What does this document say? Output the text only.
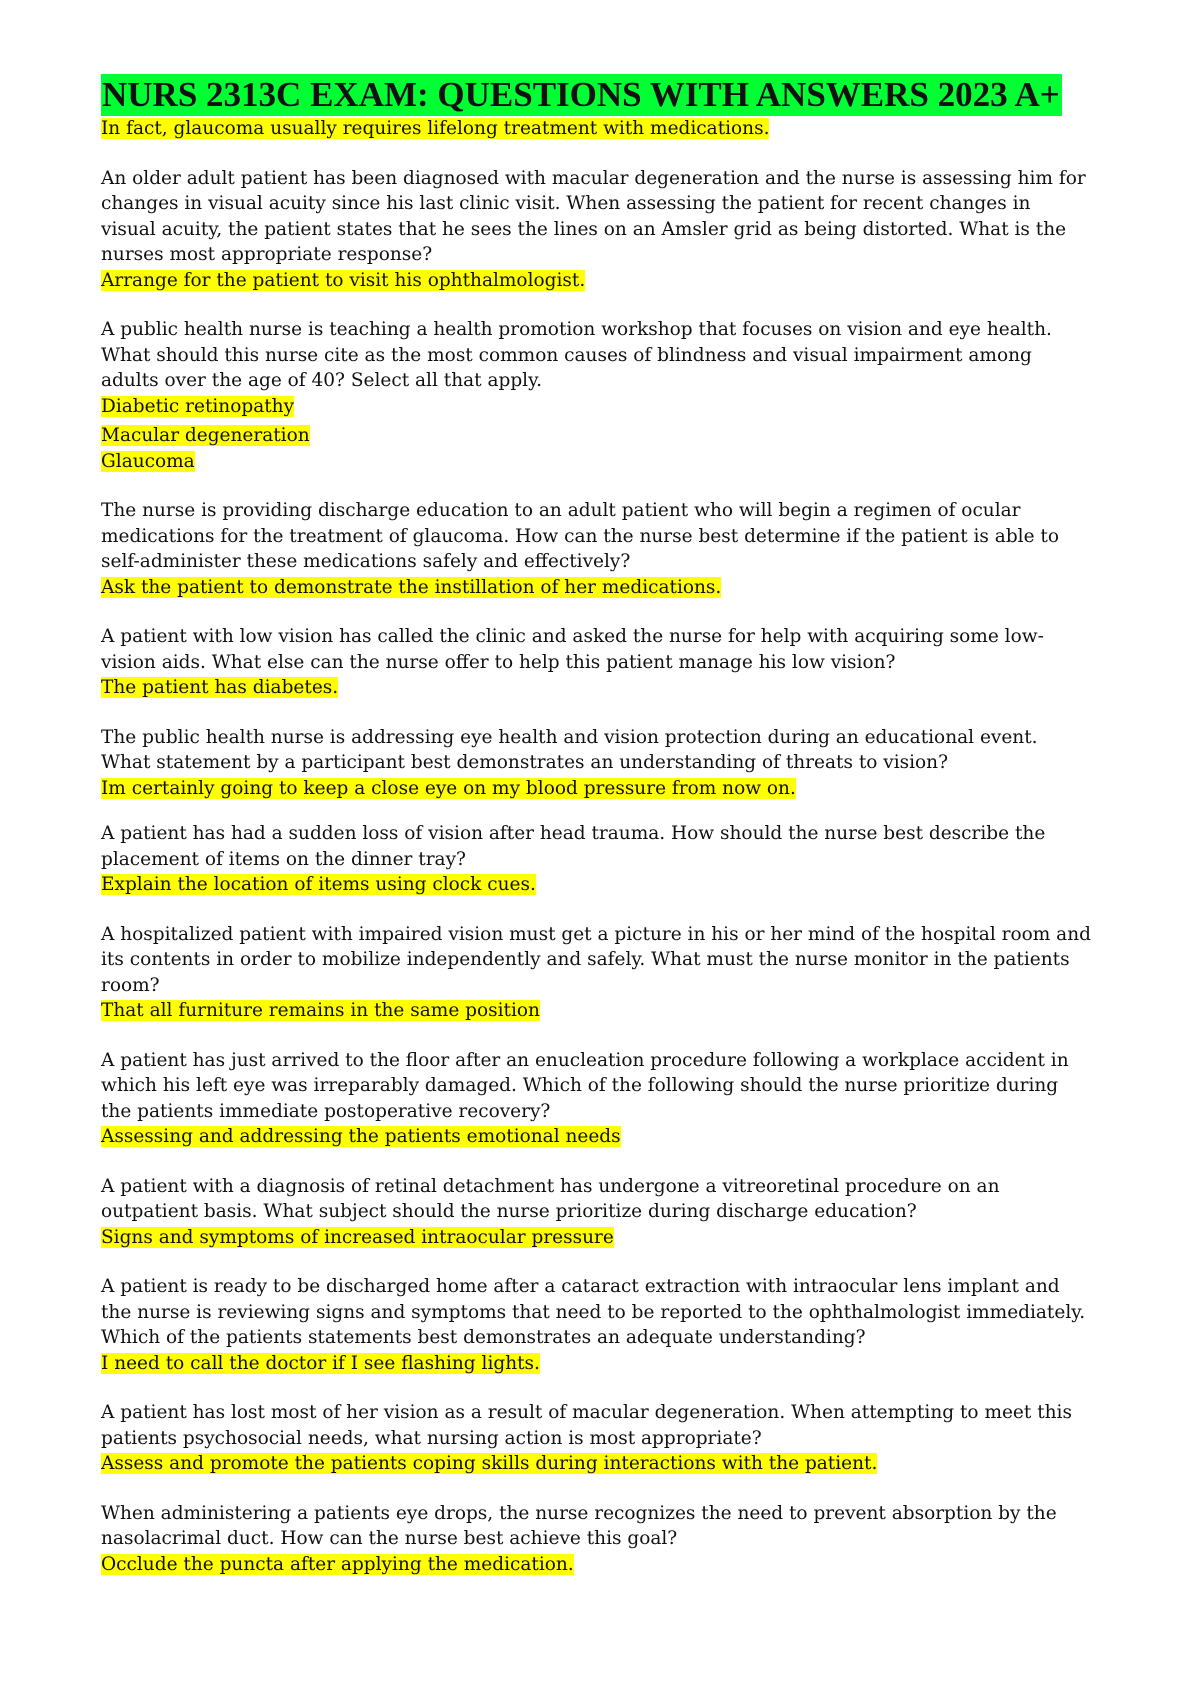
NURS 2313C EXAM: QUESTIONS WITH ANSWERS 2023 A+

In fact, glaucoma usually requires lifelong treatment with medications.

An older adult patient has been diagnosed with macular degeneration and the nurse is assessing him for changes in visual acuity since his last clinic visit. When assessing the patient for recent changes in visual acuity, the patient states that he sees the lines on an Amsler grid as being distorted. What is the nurses most appropriate response?

Arrange for the patient to visit his ophthalmologist.

A public health nurse is teaching a health promotion workshop that focuses on vision and eye health. What should this nurse cite as the most common causes of blindness and visual impairment among adults over the age of 40? Select all that apply.

Diabetic retinopathy
Macular degeneration
Glaucoma

The nurse is providing discharge education to an adult patient who will begin a regimen of ocular medications for the treatment of glaucoma. How can the nurse best determine if the patient is able to self-administer these medications safely and effectively?

Ask the patient to demonstrate the instillation of her medications.

A patient with low vision has called the clinic and asked the nurse for help with acquiring some low- vision aids. What else can the nurse offer to help this patient manage his low vision?

The patient has diabetes.

The public health nurse is addressing eye health and vision protection during an educational event. What statement by a participant best demonstrates an understanding of threats to vision?

Im certainly going to keep a close eye on my blood pressure from now on.

A patient has had a sudden loss of vision after head trauma. How should the nurse best describe the placement of items on the dinner tray?

Explain the location of items using clock cues.

A hospitalized patient with impaired vision must get a picture in his or her mind of the hospital room and its contents in order to mobilize independently and safely. What must the nurse monitor in the patients room?

That all furniture remains in the same position

A patient has just arrived to the floor after an enucleation procedure following a workplace accident in which his left eye was irreparably damaged. Which of the following should the nurse prioritize during the patients immediate postoperative recovery?

Assessing and addressing the patients emotional needs

A patient with a diagnosis of retinal detachment has undergone a vitreoretinal procedure on an outpatient basis. What subject should the nurse prioritize during discharge education?

Signs and symptoms of increased intraocular pressure

A patient is ready to be discharged home after a cataract extraction with intraocular lens implant and the nurse is reviewing signs and symptoms that need to be reported to the ophthalmologist immediately. Which of the patients statements best demonstrates an adequate understanding?

I need to call the doctor if I see flashing lights.

A patient has lost most of her vision as a result of macular degeneration. When attempting to meet this patients psychosocial needs, what nursing action is most appropriate?

Assess and promote the patients coping skills during interactions with the patient.

When administering a patients eye drops, the nurse recognizes the need to prevent absorption by the nasolacrimal duct. How can the nurse best achieve this goal?

Occlude the puncta after applying the medication.
